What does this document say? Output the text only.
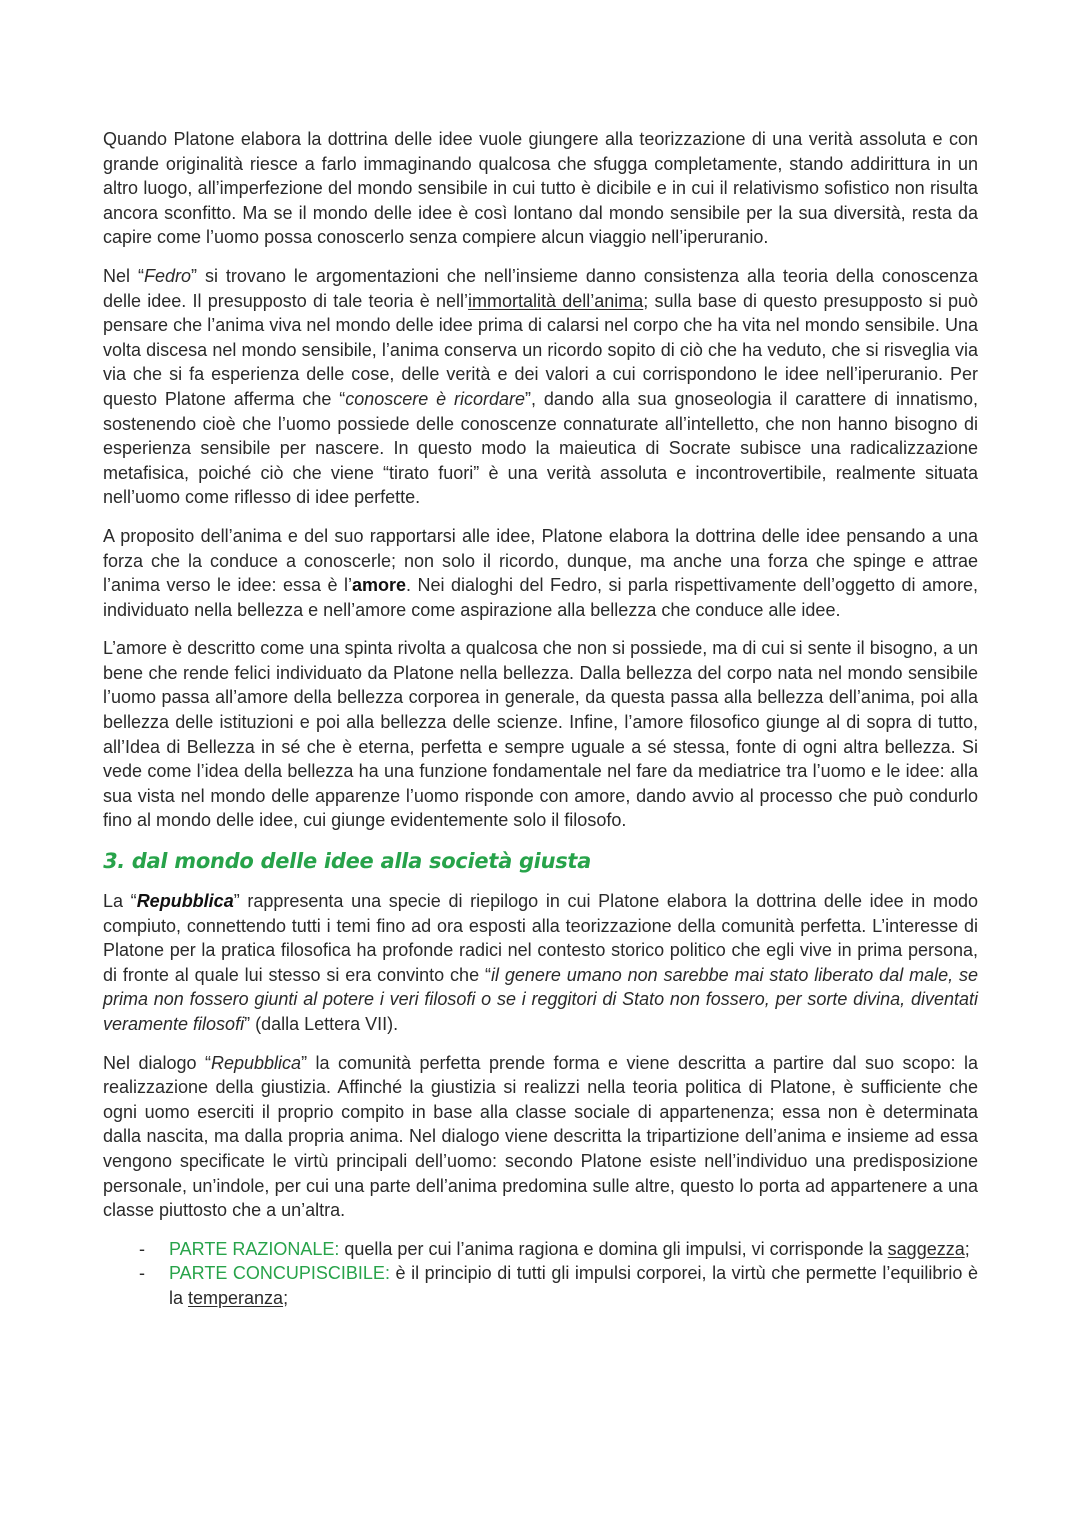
Quando Platone elabora la dottrina delle idee vuole giungere alla teorizzazione di una verità assoluta e con grande originalità riesce a farlo immaginando qualcosa che sfugga completamente, stando addirittura in un altro luogo, all’imperfezione del mondo sensibile in cui tutto è dicibile e in cui il relativismo sofistico non risulta ancora sconfitto. Ma se il mondo delle idee è così lontano dal mondo sensibile per la sua diversità, resta da capire come l’uomo possa conoscerlo senza compiere alcun viaggio nell’iperuranio.

Nel “Fedro” si trovano le argomentazioni che nell’insieme danno consistenza alla teoria della conoscenza delle idee. Il presupposto di tale teoria è nell’immortalità dell’anima; sulla base di questo presupposto si può pensare che l’anima viva nel mondo delle idee prima di calarsi nel corpo che ha vita nel mondo sensibile. Una volta discesa nel mondo sensibile, l’anima conserva un ricordo sopito di ciò che ha veduto, che si risveglia via via che si fa esperienza delle cose, delle verità e dei valori a cui corrispondono le idee nell’iperuranio. Per questo Platone afferma che “conoscere è ricordare”, dando alla sua gnoseologia il carattere di innatismo, sostenendo cioè che l’uomo possiede delle conoscenze connaturate all’intelletto, che non hanno bisogno di esperienza sensibile per nascere. In questo modo la maieutica di Socrate subisce una radicalizzazione metafisica, poiché ciò che viene “tirato fuori” è una verità assoluta e incontrovertibile, realmente situata nell’uomo come riflesso di idee perfette.

A proposito dell’anima e del suo rapportarsi alle idee, Platone elabora la dottrina delle idee pensando a una forza che la conduce a conoscerle; non solo il ricordo, dunque, ma anche una forza che spinge e attrae l’anima verso le idee: essa è l’amore. Nei dialoghi del Fedro, si parla rispettivamente dell’oggetto di amore, individuato nella bellezza e nell’amore come aspirazione alla bellezza che conduce alle idee.

L’amore è descritto come una spinta rivolta a qualcosa che non si possiede, ma di cui si sente il bisogno, a un bene che rende felici individuato da Platone nella bellezza. Dalla bellezza del corpo nata nel mondo sensibile l’uomo passa all’amore della bellezza corporea in generale, da questa passa alla bellezza dell’anima, poi alla bellezza delle istituzioni e poi alla bellezza delle scienze. Infine, l’amore filosofico giunge al di sopra di tutto, all’Idea di Bellezza in sé che è eterna, perfetta e sempre uguale a sé stessa, fonte di ogni altra bellezza. Si vede come l’idea della bellezza ha una funzione fondamentale nel fare da mediatrice tra l’uomo e le idee: alla sua vista nel mondo delle apparenze l’uomo risponde con amore, dando avvio al processo che può condurlo fino al mondo delle idee, cui giunge evidentemente solo il filosofo.

3. dal mondo delle idee alla società giusta

La “Repubblica” rappresenta una specie di riepilogo in cui Platone elabora la dottrina delle idee in modo compiuto, connettendo tutti i temi fino ad ora esposti alla teorizzazione della comunità perfetta. L’interesse di Platone per la pratica filosofica ha profonde radici nel contesto storico politico che egli vive in prima persona, di fronte al quale lui stesso si era convinto che “il genere umano non sarebbe mai stato liberato dal male, se prima non fossero giunti al potere i veri filosofi o se i reggitori di Stato non fossero, per sorte divina, diventati veramente filosofi” (dalla Lettera VII).

Nel dialogo “Repubblica” la comunità perfetta prende forma e viene descritta a partire dal suo scopo: la realizzazione della giustizia. Affinché la giustizia si realizzi nella teoria politica di Platone, è sufficiente che ogni uomo eserciti il proprio compito in base alla classe sociale di appartenenza; essa non è determinata dalla nascita, ma dalla propria anima. Nel dialogo viene descritta la tripartizione dell’anima e insieme ad essa vengono specificate le virtù principali dell’uomo: secondo Platone esiste nell’individuo una predisposizione personale, un’indole, per cui una parte dell’anima predomina sulle altre, questo lo porta ad appartenere a una classe piuttosto che a un’altra.

- PARTE RAZIONALE: quella per cui l’anima ragiona e domina gli impulsi, vi corrisponde la saggezza;
- PARTE CONCUPISCIBILE: è il principio di tutti gli impulsi corporei, la virtù che permette l’equilibrio è la temperanza;
